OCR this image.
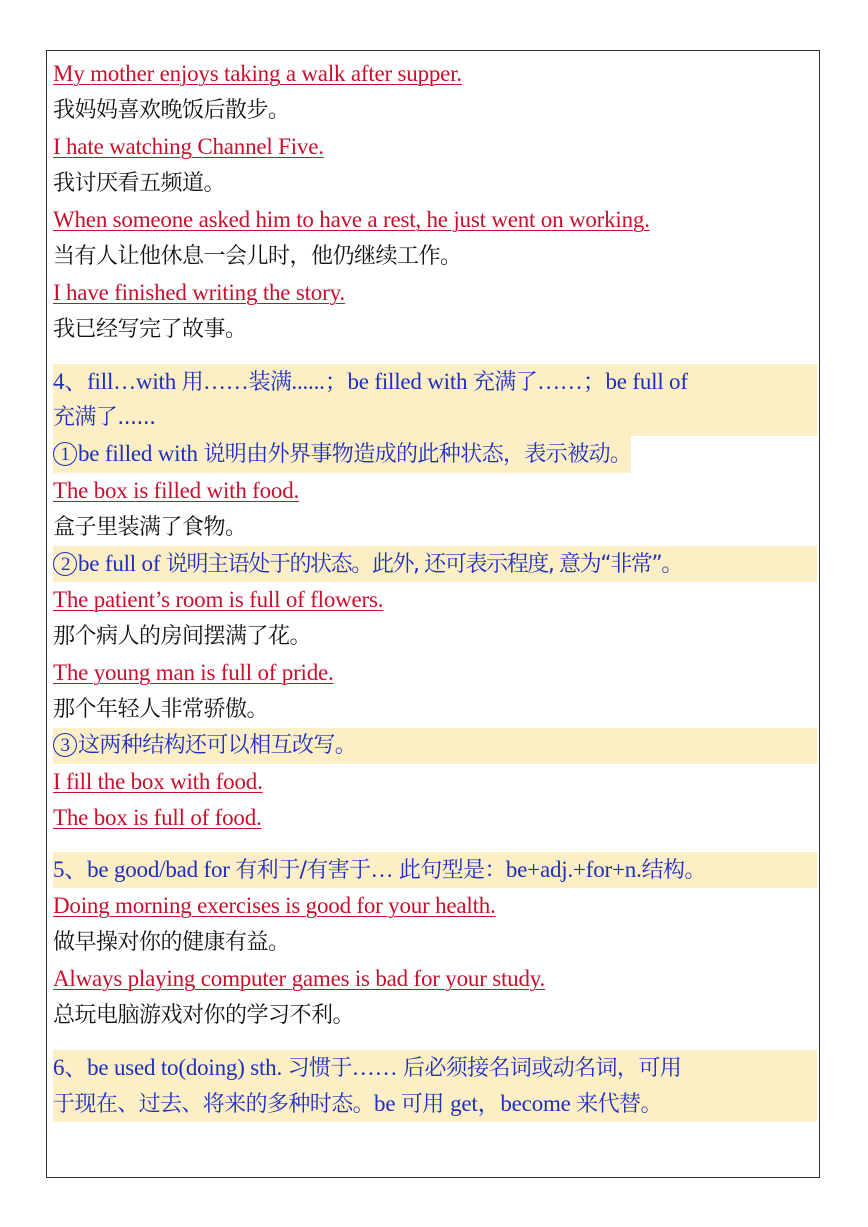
My mother enjoys taking a walk after supper.
我妈妈喜欢晚饭后散步。
I hate watching Channel Five.
我讨厌看五频道。
When someone asked him to have a rest, he just went on working.
当有人让他休息一会儿时，他仍继续工作。
I have finished writing the story.
我已经写完了故事。
4、fill…with 用……装满......；be filled with 充满了……；be full of
充满了......
1 be filled with 说明由外界事物造成的此种状态，表示被动。
The box is filled with food.
盒子里装满了食物。
2 be full of 说明主语处于的状态。此外, 还可表示程度, 意为“非常”。
The patient’s room is full of flowers.
那个病人的房间摆满了花。
The young man is full of pride.
那个年轻人非常骄傲。
3 这两种结构还可以相互改写。
I fill the box with food.
The box is full of food.
5、be good/bad for 有利于/有害于… 此句型是：be+adj.+for+n.结构。
Doing morning exercises is good for your health.
做早操对你的健康有益。
Always playing computer games is bad for your study.
总玩电脑游戏对你的学习不利。
6、be used to(doing) sth. 习惯于…… 后必须接名词或动名词，可用
于现在、过去、将来的多种时态。be 可用 get，become 来代替。
